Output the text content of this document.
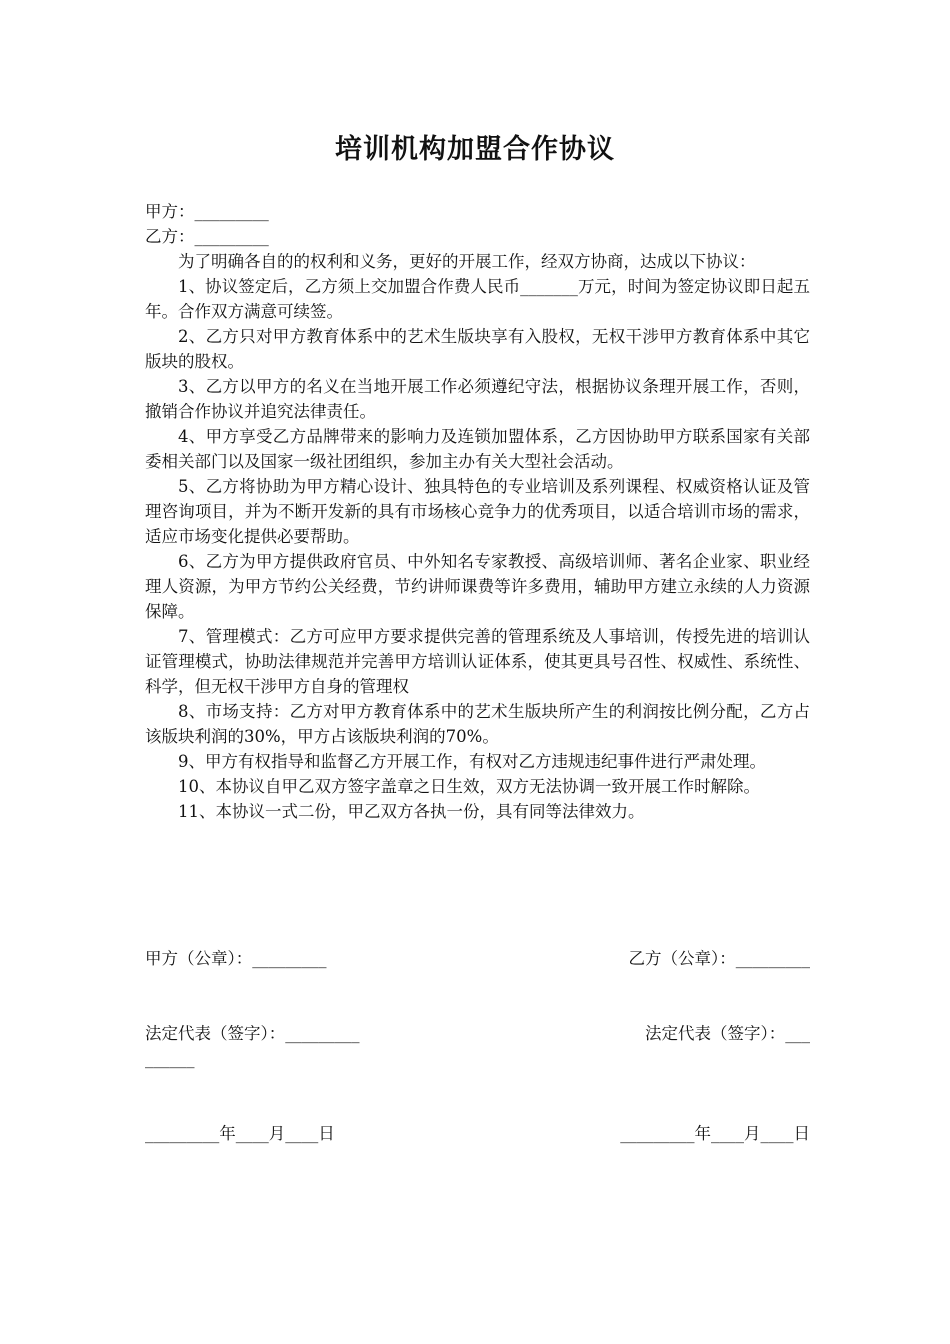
培训机构加盟合作协议

甲方：_________

乙方：_________

为了明确各自的的权利和义务，更好的开展工作，经双方协商，达成以下协议：

1、协议签定后，乙方须上交加盟合作费人民币_______万元，时间为签定协议即日起五年。合作双方满意可续签。

2、乙方只对甲方教育体系中的艺术生版块享有入股权，无权干涉甲方教育体系中其它版块的股权。

3、乙方以甲方的名义在当地开展工作必须遵纪守法，根据协议条理开展工作，否则，撤销合作协议并追究法律责任。

4、甲方享受乙方品牌带来的影响力及连锁加盟体系，乙方因协助甲方联系国家有关部委相关部门以及国家一级社团组织，参加主办有关大型社会活动。

5、乙方将协助为甲方精心设计、独具特色的专业培训及系列课程、权威资格认证及管理咨询项目，并为不断开发新的具有市场核心竞争力的优秀项目，以适合培训市场的需求，适应市场变化提供必要帮助。

6、乙方为甲方提供政府官员、中外知名专家教授、高级培训师、著名企业家、职业经理人资源，为甲方节约公关经费，节约讲师课费等许多费用，辅助甲方建立永续的人力资源保障。

7、管理模式：乙方可应甲方要求提供完善的管理系统及人事培训，传授先进的培训认证管理模式，协助法律规范并完善甲方培训认证体系，使其更具号召性、权威性、系统性、科学，但无权干涉甲方自身的管理权

8、市场支持：乙方对甲方教育体系中的艺术生版块所产生的利润按比例分配，乙方占该版块利润的30%，甲方占该版块利润的70%。

9、甲方有权指导和监督乙方开展工作，有权对乙方违规违纪事件进行严肃处理。

10、本协议自甲乙双方签字盖章之日生效，双方无法协调一致开展工作时解除。

11、本协议一式二份，甲乙双方各执一份，具有同等法律效力。

甲方（公章）：_________	乙方（公章）：_________
法定代表（签字）：_________	法定代表（签字）：___
______
_________年____月____日	_________年____月____日
